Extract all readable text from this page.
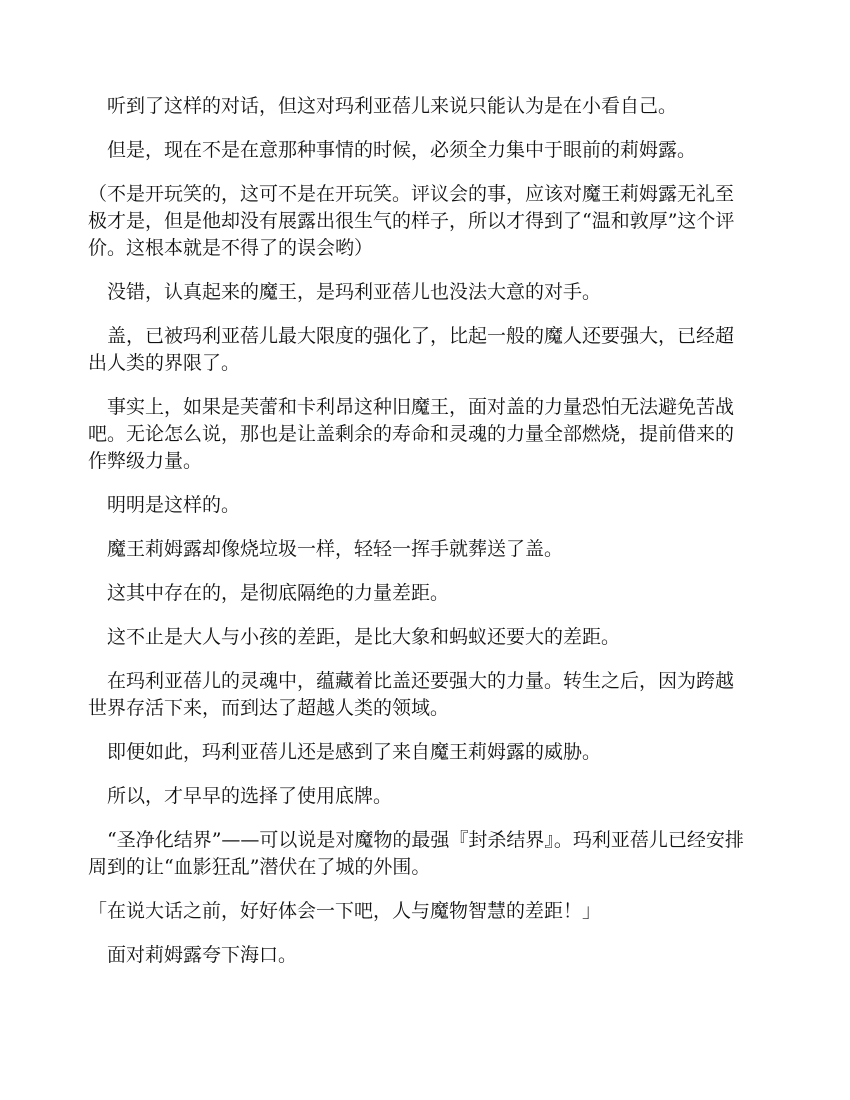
　听到了这样的对话，但这对玛利亚蓓儿来说只能认为是在小看自己。

　但是，现在不是在意那种事情的时候，必须全力集中于眼前的莉姆露。

（不是开玩笑的，这可不是在开玩笑。评议会的事，应该对魔王莉姆露无礼至极才是，但是他却没有展露出很生气的样子，所以才得到了“温和敦厚”这个评价。这根本就是不得了的误会哟）

　没错，认真起来的魔王，是玛利亚蓓儿也没法大意的对手。

　盖，已被玛利亚蓓儿最大限度的强化了，比起一般的魔人还要强大，已经超出人类的界限了。

　事实上，如果是芙蕾和卡利昂这种旧魔王，面对盖的力量恐怕无法避免苦战吧。无论怎么说，那也是让盖剩余的寿命和灵魂的力量全部燃烧，提前借来的作弊级力量。

　明明是这样的。

　魔王莉姆露却像烧垃圾一样，轻轻一挥手就葬送了盖。

　这其中存在的，是彻底隔绝的力量差距。

　这不止是大人与小孩的差距，是比大象和蚂蚁还要大的差距。

　在玛利亚蓓儿的灵魂中，蕴藏着比盖还要强大的力量。转生之后，因为跨越世界存活下来，而到达了超越人类的领域。

　即便如此，玛利亚蓓儿还是感到了来自魔王莉姆露的威胁。

　所以，才早早的选择了使用底牌。

　“圣净化结界”——可以说是对魔物的最强『封杀结界』。玛利亚蓓儿已经安排周到的让“血影狂乱”潜伏在了城的外围。

「在说大话之前，好好体会一下吧，人与魔物智慧的差距！」

　面对莉姆露夸下海口。
